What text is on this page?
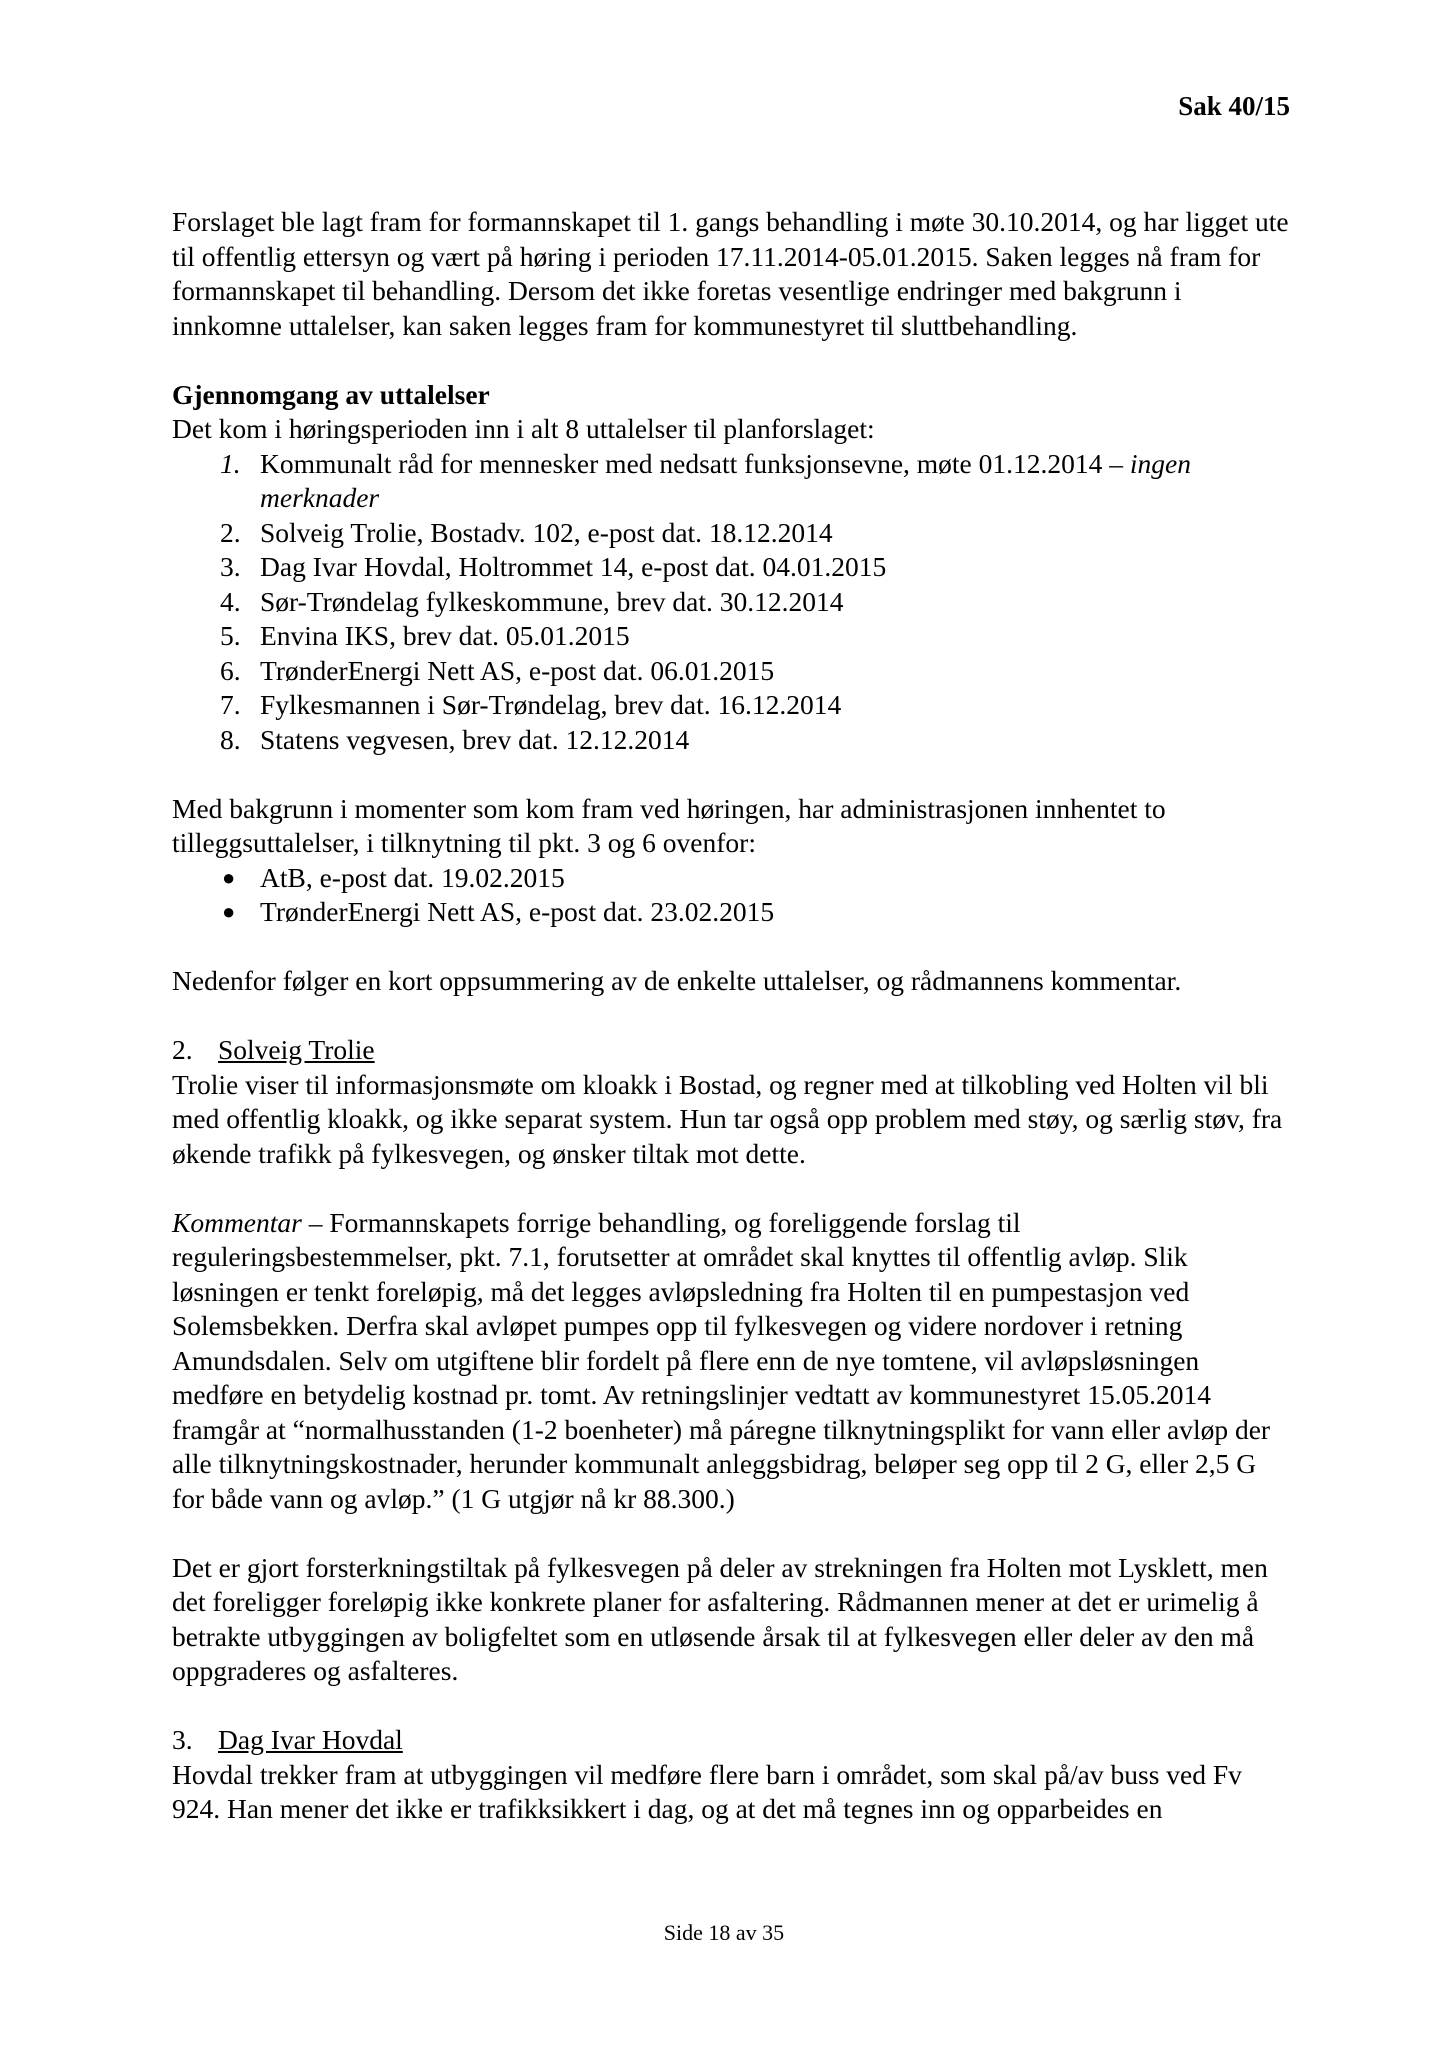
Sak 40/15

Forslaget ble lagt fram for formannskapet til 1. gangs behandling i møte 30.10.2014, og har ligget ute til offentlig ettersyn og vært på høring i perioden 17.11.2014-05.01.2015. Saken legges nå fram for formannskapet til behandling. Dersom det ikke foretas vesentlige endringer med bakgrunn i innkomne uttalelser, kan saken legges fram for kommunestyret til sluttbehandling.

Gjennomgang av uttalelser

Det kom i høringsperioden inn i alt 8 uttalelser til planforslaget:

1. Kommunalt råd for mennesker med nedsatt funksjonsevne, møte 01.12.2014 – ingen merknader
2. Solveig Trolie, Bostadv. 102, e-post dat. 18.12.2014
3. Dag Ivar Hovdal, Holtrommet 14, e-post dat. 04.01.2015
4. Sør-Trøndelag fylkeskommune, brev dat. 30.12.2014
5. Envina IKS, brev dat. 05.01.2015
6. TrønderEnergi Nett AS, e-post dat. 06.01.2015
7. Fylkesmannen i Sør-Trøndelag, brev dat. 16.12.2014
8. Statens vegvesen, brev dat. 12.12.2014

Med bakgrunn i momenter som kom fram ved høringen, har administrasjonen innhentet to tilleggsuttalelser, i tilknytning til pkt. 3 og 6 ovenfor:

● AtB, e-post dat. 19.02.2015
● TrønderEnergi Nett AS, e-post dat. 23.02.2015

Nedenfor følger en kort oppsummering av de enkelte uttalelser, og rådmannens kommentar.

2. Solveig Trolie

Trolie viser til informasjonsmøte om kloakk i Bostad, og regner med at tilkobling ved Holten vil bli med offentlig kloakk, og ikke separat system. Hun tar også opp problem med støy, og særlig støv, fra økende trafikk på fylkesvegen, og ønsker tiltak mot dette.

Kommentar – Formannskapets forrige behandling, og foreliggende forslag til reguleringsbestemmelser, pkt. 7.1, forutsetter at området skal knyttes til offentlig avløp. Slik løsningen er tenkt foreløpig, må det legges avløpsledning fra Holten til en pumpestasjon ved Solemsbekken. Derfra skal avløpet pumpes opp til fylkesvegen og videre nordover i retning Amundsdalen. Selv om utgiftene blir fordelt på flere enn de nye tomtene, vil avløpsløsningen medføre en betydelig kostnad pr. tomt. Av retningslinjer vedtatt av kommunestyret 15.05.2014 framgår at “normalhusstanden (1-2 boenheter) må páregne tilknytningsplikt for vann eller avløp der alle tilknytningskostnader, herunder kommunalt anleggsbidrag, beløper seg opp til 2 G, eller 2,5 G for både vann og avløp.” (1 G utgjør nå kr 88.300.)

Det er gjort forsterkningstiltak på fylkesvegen på deler av strekningen fra Holten mot Lysklett, men det foreligger foreløpig ikke konkrete planer for asfaltering. Rådmannen mener at det er urimelig å betrakte utbyggingen av boligfeltet som en utløsende årsak til at fylkesvegen eller deler av den må oppgraderes og asfalteres.

3. Dag Ivar Hovdal

Hovdal trekker fram at utbyggingen vil medføre flere barn i området, som skal på/av buss ved Fv 924. Han mener det ikke er trafikksikkert i dag, og at det må tegnes inn og opparbeides en

Side 18 av 35
